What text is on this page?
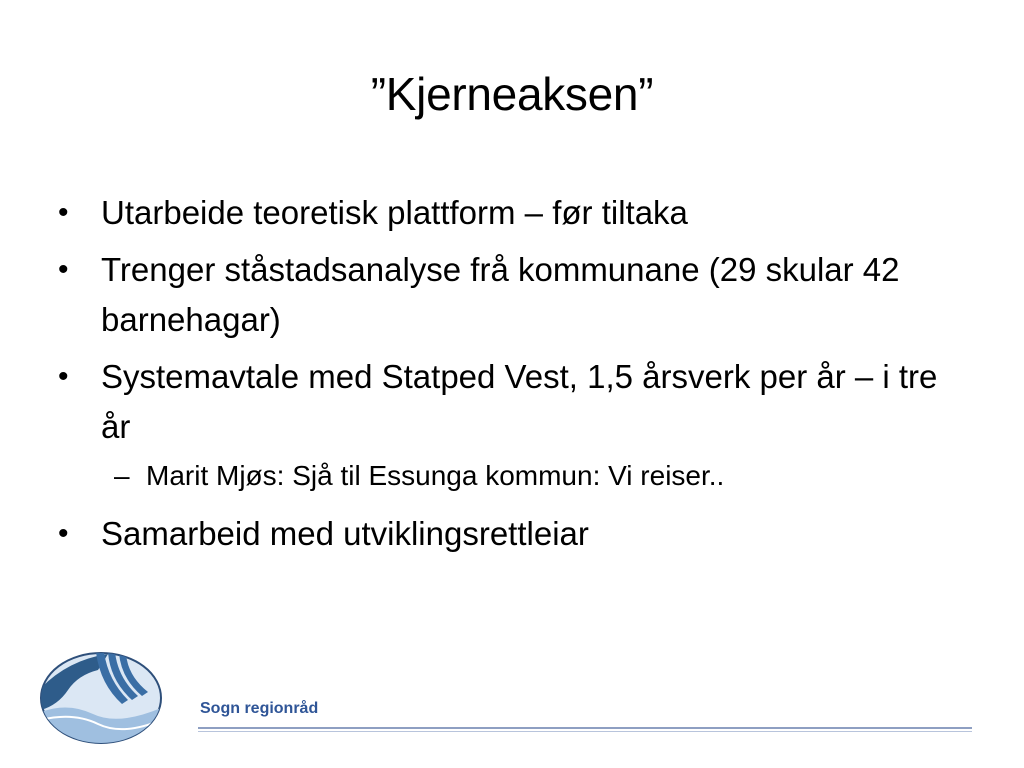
”Kjerneaksen”
• Utarbeide teoretisk plattform – før tiltaka
• Trenger ståstadsanalyse frå kommunane (29 skular 42 barnehagar)
• Systemavtale med Statped Vest, 1,5 årsverk per år – i tre år
– Marit Mjøs: Sjå til Essunga kommun: Vi reiser..
• Samarbeid med utviklingsrettleiar
Sogn regionråd
